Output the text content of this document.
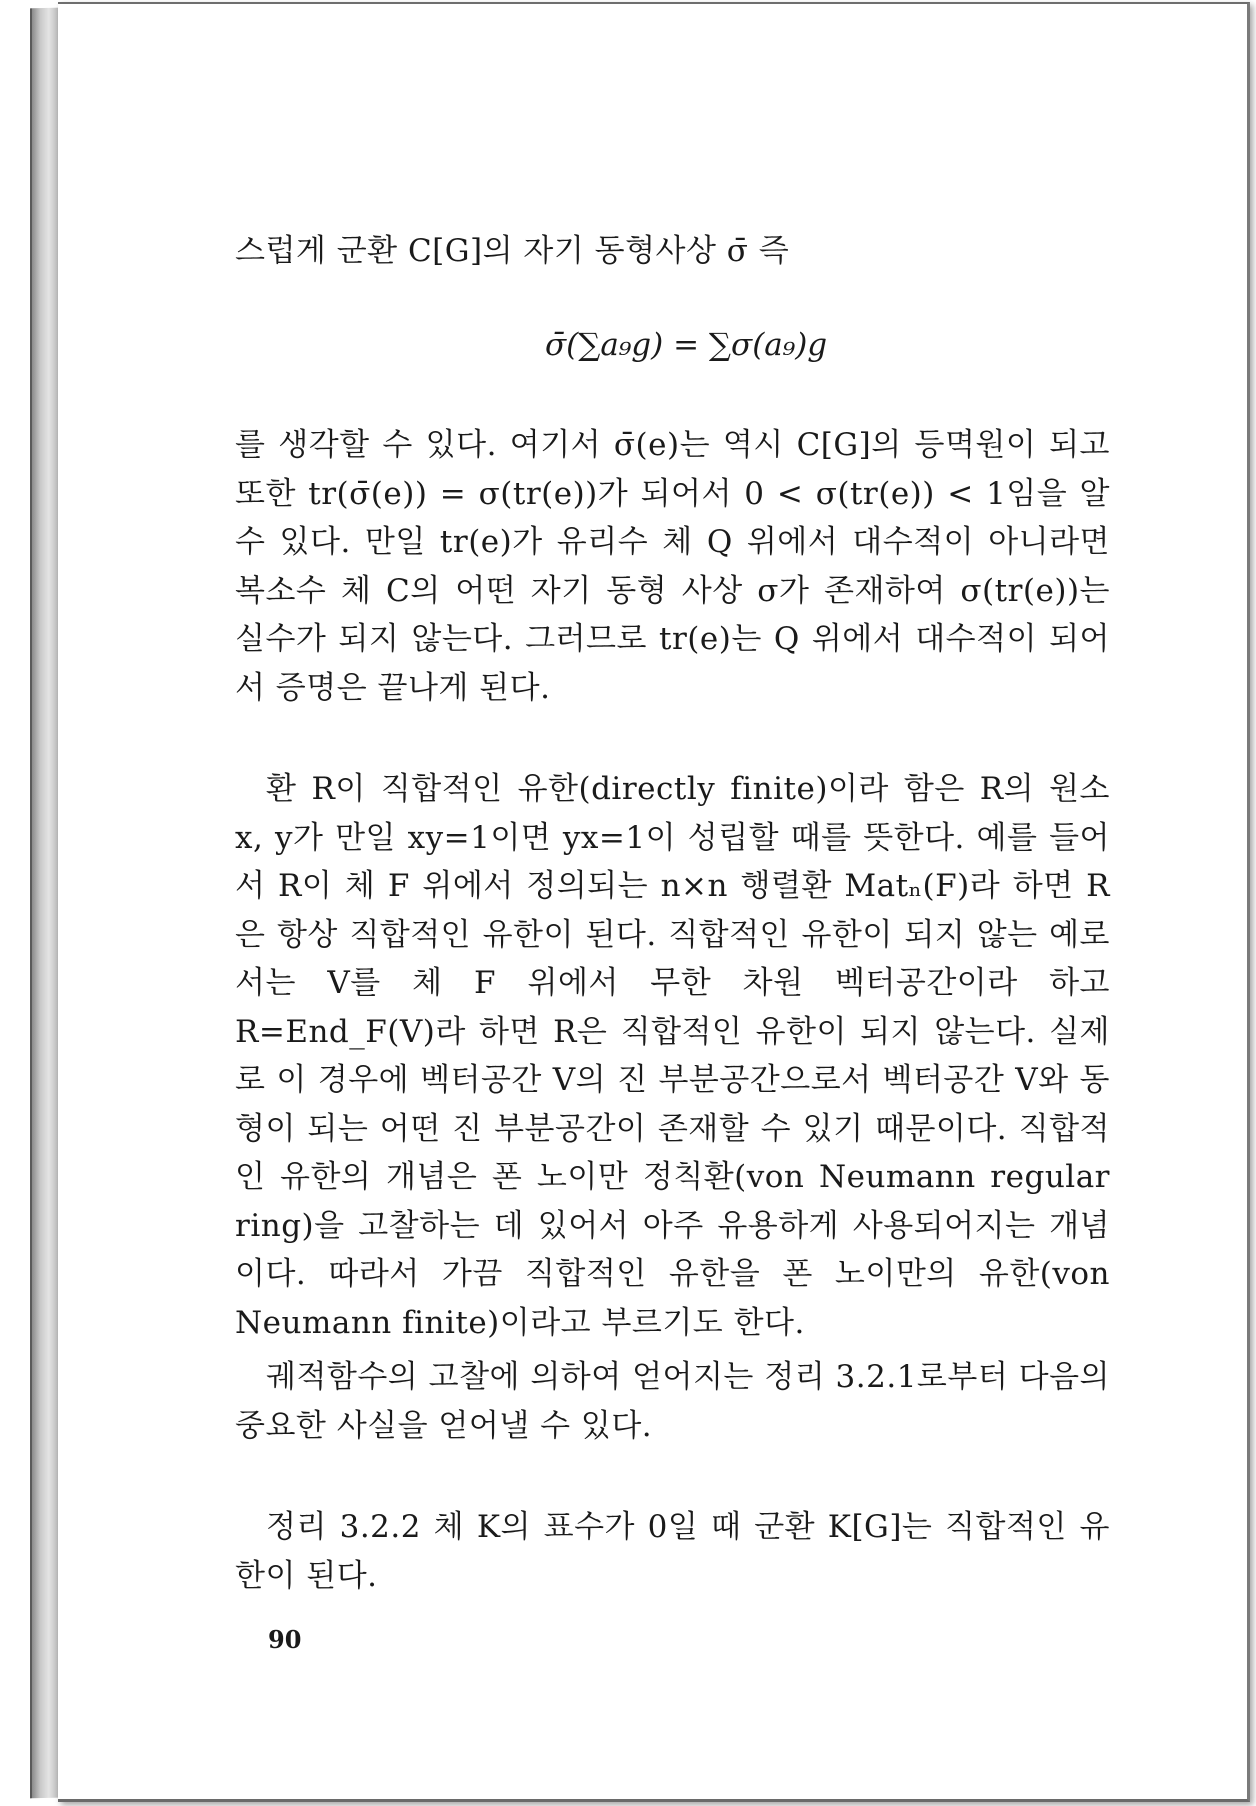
스럽게 군환 C[G]의 자기 동형사상 σ̄ 즉
σ̄(∑a₉g) = ∑σ(a₉)g
를 생각할 수 있다. 여기서 σ̄(e)는 역시 C[G]의 등멱원이 되고 또한 tr(σ̄(e)) = σ(tr(e))가 되어서 0 < σ(tr(e)) < 1임을 알 수 있다. 만일 tr(e)가 유리수 체 Q 위에서 대수적이 아니라면 복소수 체 C의 어떤 자기 동형 사상 σ가 존재하여 σ(tr(e))는 실수가 되지 않는다. 그러므로 tr(e)는 Q 위에서 대수적이 되어서 증명은 끝나게 된다.
환 R이 직합적인 유한(directly finite)이라 함은 R의 원소 x, y가 만일 xy=1이면 yx=1이 성립할 때를 뜻한다. 예를 들어서 R이 체 F 위에서 정의되는 n×n 행렬환 Matₙ(F)라 하면 R은 항상 직합적인 유한이 된다. 직합적인 유한이 되지 않는 예로서는 V를 체 F 위에서 무한 차원 벡터공간이라 하고 R=End_F(V)라 하면 R은 직합적인 유한이 되지 않는다. 실제로 이 경우에 벡터공간 V의 진 부분공간으로서 벡터공간 V와 동형이 되는 어떤 진 부분공간이 존재할 수 있기 때문이다. 직합적인 유한의 개념은 폰 노이만 정칙환(von Neumann regular ring)을 고찰하는 데 있어서 아주 유용하게 사용되어지는 개념이다. 따라서 가끔 직합적인 유한을 폰 노이만의 유한(von Neumann finite)이라고 부르기도 한다.
궤적함수의 고찰에 의하여 얻어지는 정리 3.2.1로부터 다음의 중요한 사실을 얻어낼 수 있다.
정리 3.2.2 체 K의 표수가 0일 때 군환 K[G]는 직합적인 유한이 된다.
90
